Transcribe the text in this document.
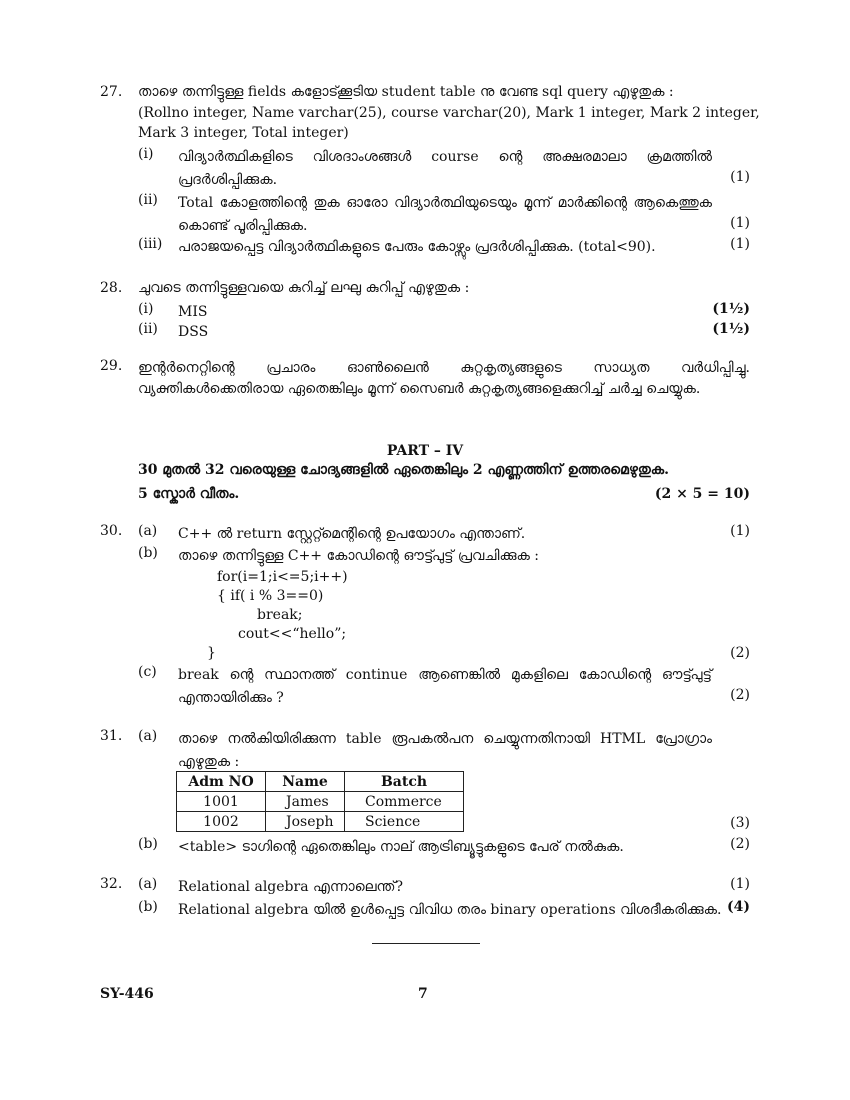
27.	താഴെ തന്നിട്ടുള്ള fields കളോട്ക്കൂടിയ student table നു വേണ്ട sql query എഴുതുക :
(Rollno integer, Name varchar(25), course varchar(20), Mark 1 integer, Mark 2 integer,
Mark 3 integer, Total integer)
(i)	വിദ്യാർത്ഥികളിടെ വിശദാംശങ്ങൾ course ന്റെ അക്ഷരമാലാ ക്രമത്തിൽ പ്രദർശിപ്പിക്കുക.	(1)
(ii)	Total കോളത്തിന്റെ തുക ഓരോ വിദ്യാർത്ഥിയുടെയും മൂന്ന് മാർക്കിന്റെ ആകെത്തുക കൊണ്ട് പൂരിപ്പിക്കുക.	(1)
(iii)	പരാജയപ്പെട്ട വിദ്യാർത്ഥികളുടെ പേരും കോഴ്സും പ്രദർശിപ്പിക്കുക. (total<90).	(1)
28.	ചുവടെ തന്നിട്ടുള്ളവയെ കുറിച്ച് ലഘു കുറിപ്പ് എഴുതുക :
(i)	MIS	(1½)
(ii)	DSS	(1½)
29.	ഇന്റർനെറ്റിന്റെ പ്രചാരം ഓൺലൈൻ കുറ്റകൃത്യങ്ങളുടെ സാധ്യത വർധിപ്പിച്ചു. വ്യക്തികൾക്കെതിരായ ഏതെങ്കിലും മൂന്ന് സൈബർ കുറ്റകൃത്യങ്ങളെക്കുറിച്ച് ചർച്ച ചെയ്യുക.
PART – IV
30 മുതൽ 32 വരെയുള്ള ചോദ്യങ്ങളിൽ ഏതെങ്കിലും 2 എണ്ണത്തിന് ഉത്തരമെഴുതുക.
5 സ്കോർ വീതം.	(2 × 5 = 10)
30.	(a)	C++ ൽ return സ്റ്റേറ്റ്മെന്റിന്റെ ഉപയോഗം എന്താണ്.	(1)
(b)	താഴെ തന്നിട്ടുള്ള C++ കോഡിന്റെ ഔട്ട്പുട്ട് പ്രവചിക്കുക :
(2)
for(i=1;i<=5;i++)
{ if( i % 3==0)
break;
cout<<“hello”;
}
(c)	break ന്റെ സ്ഥാനത്ത് continue ആണെങ്കിൽ മുകളിലെ കോഡിന്റെ ഔട്ട്പുട്ട് എന്തായിരിക്കും ?	(2)
31.	(a)	താഴെ നൽകിയിരിക്കുന്ന table രൂപകൽപന ചെയ്യുന്നതിനായി HTML പ്രോഗ്രാം എഴുതുക :
(3)
(b)	<table> ടാഗിന്റെ ഏതെങ്കിലും നാല് ആട്രിബ്യൂട്ടുകളുടെ പേര് നൽകുക.	(2)
Adm NO	Name	Batch
1001	James	Commerce
1002	Joseph	Science
32.	(a)	Relational algebra എന്നാലെന്ത്?	(1)
(b)	Relational algebra യിൽ ഉൾപ്പെട്ട വിവിധ തരം binary operations വിശദീകരിക്കുക. (4)
SY-446	7
